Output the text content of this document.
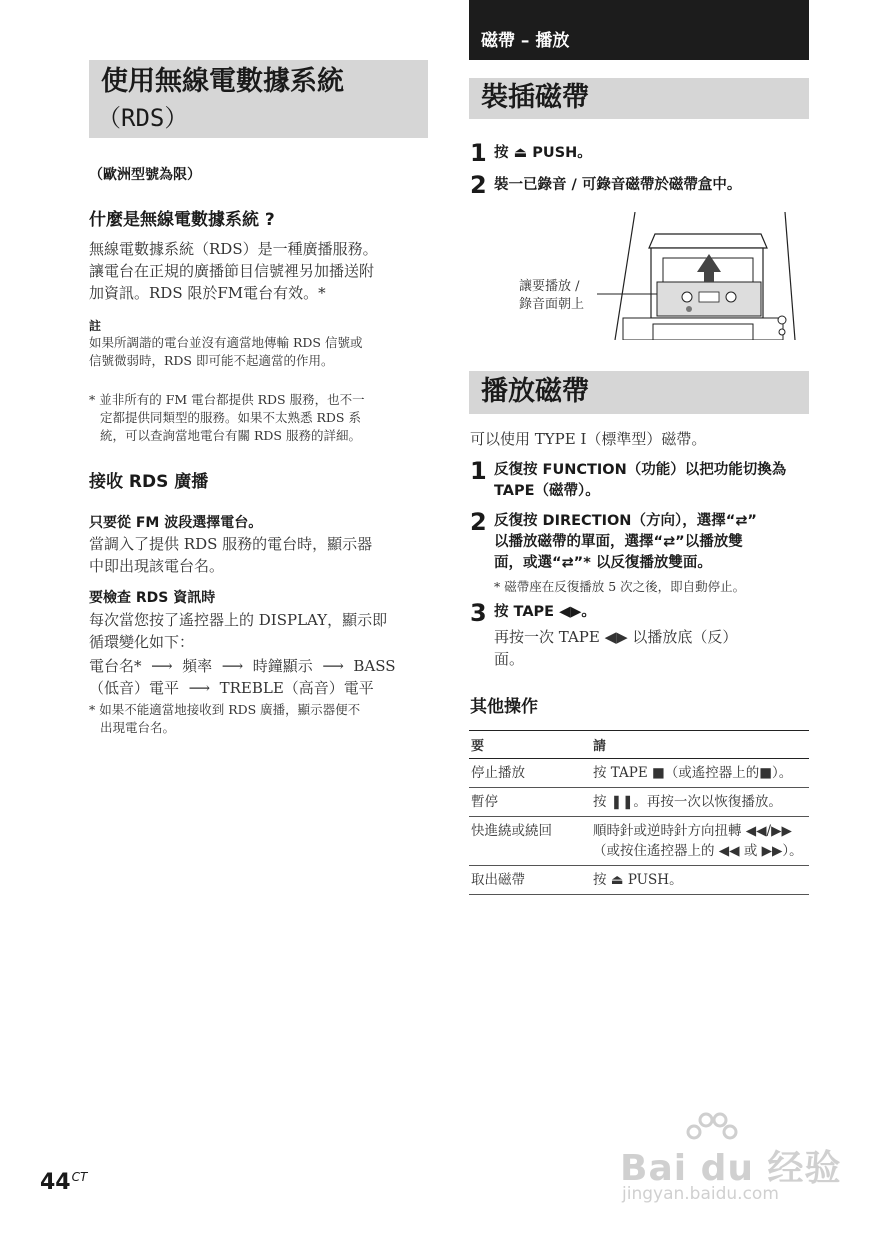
使用無線電數據系統
（RDS）
（歐洲型號為限）
什麼是無線電數據系統 ?
無線電數據系統（RDS）是一種廣播服務。
讓電台在正規的廣播節目信號裡另加播送附
加資訊。RDS 限於FM電台有效。*
註
如果所調諧的電台並沒有適當地傳輸 RDS 信號或
信號微弱時，RDS 即可能不起適當的作用。
* 並非所有的 FM 電台都提供 RDS 服務，也不一
定都提供同類型的服務。如果不太熟悉 RDS 系
統，可以查詢當地電台有關 RDS 服務的詳細。
接收 RDS 廣播
只要從 FM 波段選擇電台。
當調入了提供 RDS 服務的電台時，顯示器
中即出現該電台名。
要檢查 RDS 資訊時
每次當您按了遙控器上的 DISPLAY，顯示即
循環變化如下：
電台名*  ⟶  頻率  ⟶  時鐘顯示  ⟶  BASS
（低音）電平  ⟶  TREBLE（高音）電平
* 如果不能適當地接收到 RDS 廣播，顯示器便不
出現電台名。
磁帶 – 播放
裝插磁帶
1 按 ⏏ PUSH。
2 裝一已錄音 / 可錄音磁帶於磁帶盒中。
讓要播放 /
錄音面朝上
播放磁帶
可以使用 TYPE I（標準型）磁帶。
1 反復按 FUNCTION（功能）以把功能切換為
TAPE（磁帶）。
2 反復按 DIRECTION（方向），選擇“⇄”
以播放磁帶的單面，選擇“⇄”以播放雙
面，或選“⇄”* 以反復播放雙面。
* 磁帶座在反復播放 5 次之後，即自動停止。
3 按 TAPE ◀▶。
再按一次 TAPE ◀▶ 以播放底（反）
面。
其他操作
要	請
停止播放	按 TAPE ■（或遙控器上的■）。
暫停	按 ❚❚。再按一次以恢復播放。
快進繞或繞回	順時針或逆時針方向扭轉 ◀◀/▶▶（或按住遙控器上的 ◀◀ 或 ▶▶）。
取出磁帶	按 ⏏ PUSH。
$44^{CT}$	Bai du 经验
jingyan.baidu.com
